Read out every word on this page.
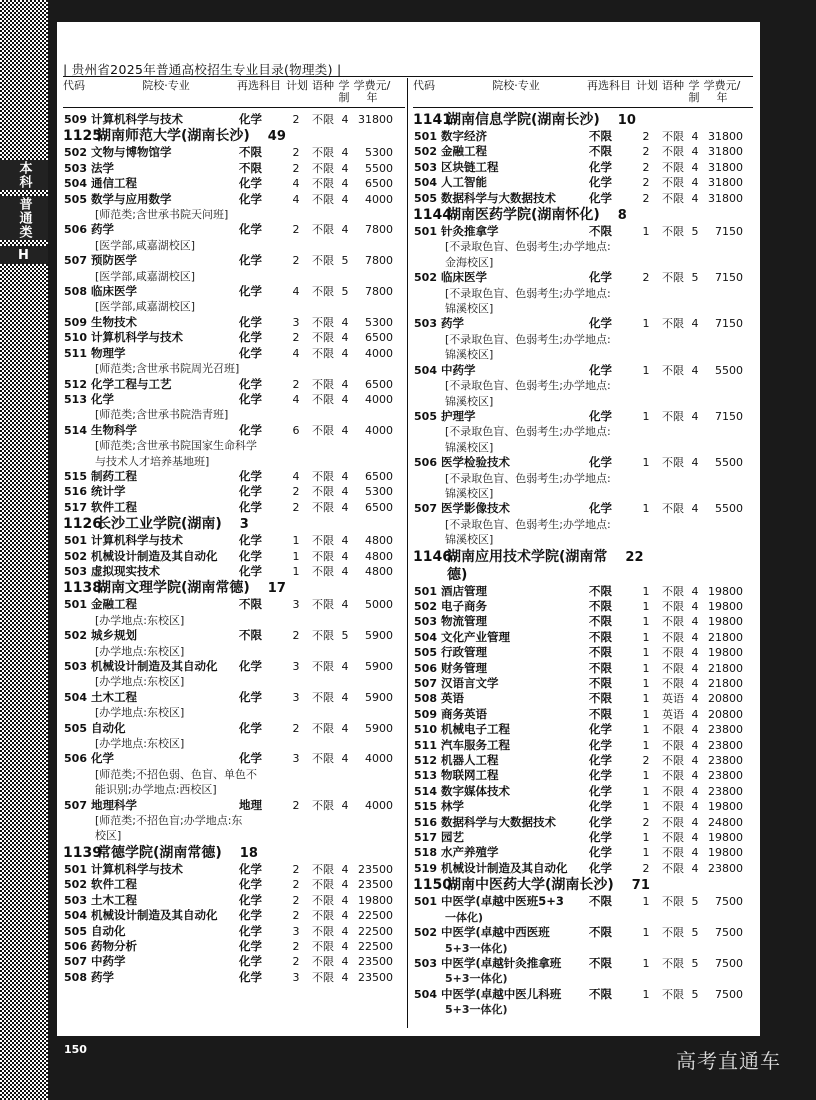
本科
普通类
H
| 贵州省2025年普通高校招生专业目录(物理类) |
代码	院校·专业	再选科目 计划 语种 学制
学费元/年
509 计算机科学与技术	化学	2	不限 4 31800
1125
湖南师范大学(湖南长沙) 49
502 文物与博物馆学	不限	2	不限 4	5300
503 法学	不限	2	不限 4	5500
504 通信工程	化学	4	不限 4	6500
505 数学与应用数学	化学	4	不限 4	4000
[师范类;含世承书院天问班]
506 药学	化学	2	不限 4	7800
[医学部,咸嘉湖校区]
507 预防医学	化学	2	不限 5	7800
[医学部,咸嘉湖校区]
508 临床医学	化学	4	不限 5	7800
[医学部,咸嘉湖校区]
509 生物技术	化学	3	不限 4	5300
510 计算机科学与技术	化学	2	不限 4	6500
511 物理学	化学	4	不限 4	4000
[师范类;含世承书院周光召班]
512 化学工程与工艺	化学	2	不限 4	6500
513 化学	化学	4	不限 4	4000
[师范类;含世承书院浩青班]
514 生物科学	化学	6	不限 4	4000
[师范类;含世承书院国家生命科学
与技术人才培养基地班]
515 制药工程	化学	4	不限 4	6500
516 统计学	化学	2	不限 4	5300
517 软件工程	化学	2	不限 4	6500
1126
长沙工业学院(湖南) 3
501 计算机科学与技术	化学	1	不限 4	4800
502 机械设计制造及其自动化	化学	1	不限 4	4800
503 虚拟现实技术	化学	1	不限 4	4800
1138
湖南文理学院(湖南常德) 17
501 金融工程	不限	3	不限 4	5000
[办学地点:东校区]
502 城乡规划	不限	2	不限 5	5900
[办学地点:东校区]
503 机械设计制造及其自动化	化学	3	不限 4	5900
[办学地点:东校区]
504 土木工程	化学	3	不限 4	5900
[办学地点:东校区]
505 自动化	化学	2	不限 4	5900
[办学地点:东校区]
506 化学	化学	3	不限 4	4000
[师范类;不招色弱、色盲、单色不
能识别;办学地点:西校区]
507 地理科学	地理	2	不限 4	4000
[师范类;不招色盲;办学地点:东
校区]
1139
常德学院(湖南常德) 18
501 计算机科学与技术	化学	2	不限 4 23500
502 软件工程	化学	2	不限 4 23500
503 土木工程	化学	2	不限 4 19800
504 机械设计制造及其自动化	化学	2	不限 4 22500
505 自动化	化学	3	不限 4 22500
506 药物分析	化学	2	不限 4 22500
507 中药学	化学	2	不限 4 23500
508 药学	化学	3	不限 4 23500
代码	院校·专业	再选科目 计划 语种 学制
学费元/年
1141
湖南信息学院(湖南长沙) 10
501 数字经济	不限	2	不限 4 31800
502 金融工程	不限	2	不限 4 31800
503 区块链工程	化学	2	不限 4 31800
504 人工智能	化学	2	不限 4 31800
505 数据科学与大数据技术	化学	2	不限 4 31800
1144
湖南医药学院(湖南怀化) 8
501 针灸推拿学	不限	1	不限 5	7150
[不录取色盲、色弱考生;办学地点:
金海校区]
502 临床医学	化学	2	不限 5	7150
[不录取色盲、色弱考生;办学地点:
锦溪校区]
503 药学	化学	1	不限 4	7150
[不录取色盲、色弱考生;办学地点:
锦溪校区]
504 中药学	化学	1	不限 4	5500
[不录取色盲、色弱考生;办学地点:
锦溪校区]
505 护理学	化学	1	不限 4	7150
[不录取色盲、色弱考生;办学地点:
锦溪校区]
506 医学检验技术	化学	1	不限 4	5500
[不录取色盲、色弱考生;办学地点:
锦溪校区]
507 医学影像技术	化学	1	不限 4	5500
[不录取色盲、色弱考生;办学地点:
锦溪校区]
1146
湖南应用技术学院(湖南常 22
德)
501 酒店管理	不限	1	不限 4 19800
502 电子商务	不限	1	不限 4 19800
503 物流管理	不限	1	不限 4 19800
504 文化产业管理	不限	1	不限 4 21800
505 行政管理	不限	1	不限 4 19800
506 财务管理	不限	1	不限 4 21800
507 汉语言文学	不限	1	不限 4 21800
508 英语	不限	1	英语 4 20800
509 商务英语	不限	1	英语 4 20800
510 机械电子工程	化学	1	不限 4 23800
511 汽车服务工程	化学	1	不限 4 23800
512 机器人工程	化学	2	不限 4 23800
513 物联网工程	化学	1	不限 4 23800
514 数字媒体技术	化学	1	不限 4 23800
515 林学	化学	1	不限 4 19800
516 数据科学与大数据技术	化学	2	不限 4 24800
517 园艺	化学	1	不限 4 19800
518 水产养殖学	化学	1	不限 4 19800
519 机械设计制造及其自动化	化学	2	不限 4 23800
1150
湖南中医药大学(湖南长沙) 71
501 中医学(卓越中医班5+3	不限	1	不限 5	7500
一体化)
502 中医学(卓越中西医班	不限	1	不限 5	7500
5+3一体化)
503 中医学(卓越针灸推拿班	不限	1	不限 5	7500
5+3一体化)
504 中医学(卓越中医儿科班	不限	1	不限 5	7500
5+3一体化)
150	高考直通车
